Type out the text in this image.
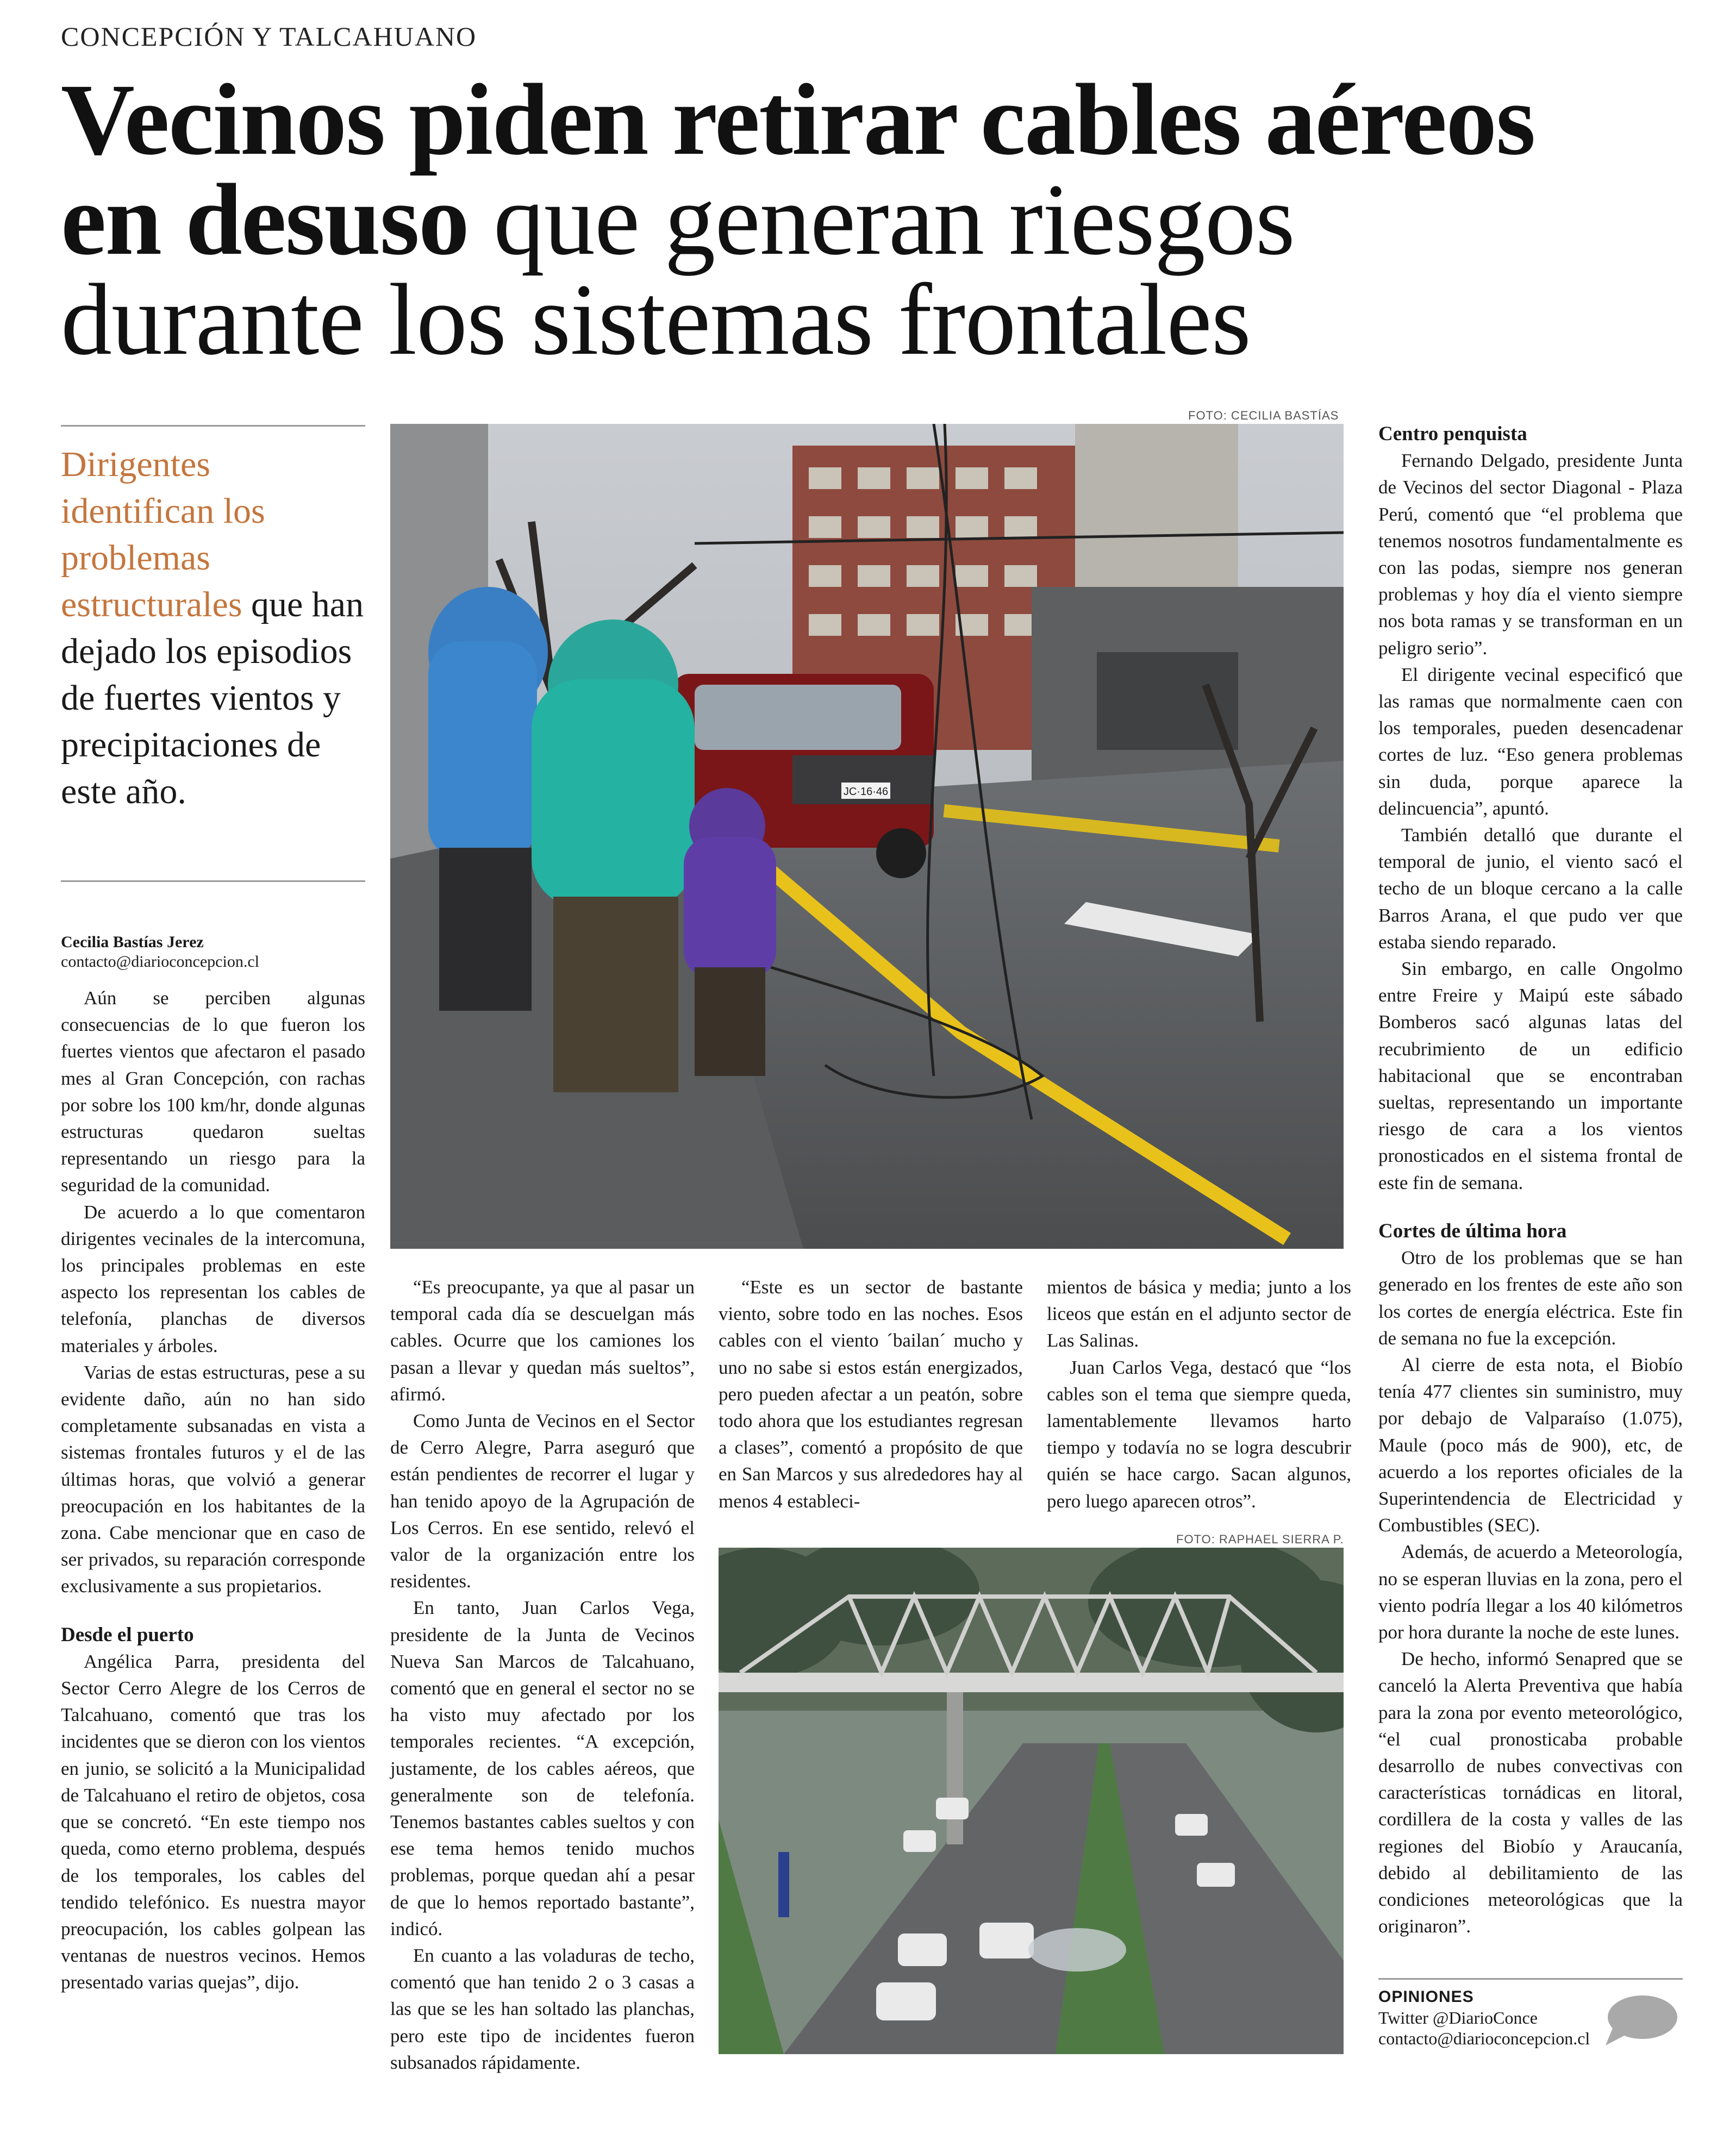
CONCEPCIÓN Y TALCAHUANO
Vecinos piden retirar cables aéreos
en desuso que generan riesgos
durante los sistemas frontales
Dirigentes identifican los problemas estructurales que han dejado los episodios de fuertes vientos y precipitaciones de este año.
Cecilia Bastías Jerez
contacto@diarioconcepcion.cl

Aún se perciben algunas consecuencias de lo que fueron los fuertes vientos que afectaron el pasado mes al Gran Concepción, con rachas por sobre los 100 km/hr, donde algunas estructuras quedaron sueltas representando un riesgo para la seguridad de la comunidad.

De acuerdo a lo que comentaron dirigentes vecinales de la intercomuna, los principales problemas en este aspecto los representan los cables de telefonía, planchas de diversos materiales y árboles.

Varias de estas estructuras, pese a su evidente daño, aún no han sido completamente subsanadas en vista a sistemas frontales futuros y el de las últimas horas, que volvió a generar preocupación en los habitantes de la zona. Cabe mencionar que en caso de ser privados, su reparación corresponde exclusivamente a sus propietarios.

Desde el puerto

Angélica Parra, presidenta del Sector Cerro Alegre de los Cerros de Talcahuano, comentó que tras los incidentes que se dieron con los vientos en junio, se solicitó a la Municipalidad de Talcahuano el retiro de objetos, cosa que se concretó. “En este tiempo nos queda, como eterno problema, después de los temporales, los cables del tendido telefónico. Es nuestra mayor preocupación, los cables golpean las ventanas de nuestros vecinos. Hemos presentado varias quejas”, dijo.

FOTO: CECILIA BASTÍAS
JC·16·46

“Es preocupante, ya que al pasar un temporal cada día se descuelgan más cables. Ocurre que los camiones los pasan a llevar y quedan más sueltos”, afirmó.

Como Junta de Vecinos en el Sector de Cerro Alegre, Parra aseguró que están pendientes de recorrer el lugar y han tenido apoyo de la Agrupación de Los Cerros. En ese sentido, relevó el valor de la organización entre los residentes.

En tanto, Juan Carlos Vega, presidente de la Junta de Vecinos Nueva San Marcos de Talcahuano, comentó que en general el sector no se ha visto muy afectado por los temporales recientes. “A excepción, justamente, de los cables aéreos, que generalmente son de telefonía. Tenemos bastantes cables sueltos y con ese tema hemos tenido muchos problemas, porque quedan ahí a pesar de que lo hemos reportado bastante”, indicó.

En cuanto a las voladuras de techo, comentó que han tenido 2 o 3 casas a las que se les han soltado las planchas, pero este tipo de incidentes fueron subsanados rápidamente.

“Este es un sector de bastante viento, sobre todo en las noches. Esos cables con el viento ´bailan´ mucho y uno no sabe si estos están energizados, pero pueden afectar a un peatón, sobre todo ahora que los estudiantes regresan a clases”, comentó a propósito de que en San Marcos y sus alrededores hay al menos 4 estableci-

mientos de básica y media; junto a los liceos que están en el adjunto sector de Las Salinas.

Juan Carlos Vega, destacó que “los cables son el tema que siempre queda, lamentablemente llevamos harto tiempo y todavía no se logra descubrir quién se hace cargo. Sacan algunos, pero luego aparecen otros”.

FOTO: RAPHAEL SIERRA P.
Centro penquista

Fernando Delgado, presidente Junta de Vecinos del sector Diagonal - Plaza Perú, comentó que “el problema que tenemos nosotros fundamentalmente es con las podas, siempre nos generan problemas y hoy día el viento siempre nos bota ramas y se transforman en un peligro serio”.

El dirigente vecinal especificó que las ramas que normalmente caen con los temporales, pueden desencadenar cortes de luz. “Eso genera problemas sin duda, porque aparece la delincuencia”, apuntó.

También detalló que durante el temporal de junio, el viento sacó el techo de un bloque cercano a la calle Barros Arana, el que pudo ver que estaba siendo reparado.

Sin embargo, en calle Ongolmo entre Freire y Maipú este sábado Bomberos sacó algunas latas del recubrimiento de un edificio habitacional que se encontraban sueltas, representando un importante riesgo de cara a los vientos pronosticados en el sistema frontal de este fin de semana.

Cortes de última hora

Otro de los problemas que se han generado en los frentes de este año son los cortes de energía eléctrica. Este fin de semana no fue la excepción.

Al cierre de esta nota, el Biobío tenía 477 clientes sin suministro, muy por debajo de Valparaíso (1.075), Maule (poco más de 900), etc, de acuerdo a los reportes oficiales de la Superintendencia de Electricidad y Combustibles (SEC).

Además, de acuerdo a Meteorología, no se esperan lluvias en la zona, pero el viento podría llegar a los 40 kilómetros por hora durante la noche de este lunes.

De hecho, informó Senapred que se canceló la Alerta Preventiva que había para la zona por evento meteorológico, “el cual pronosticaba probable desarrollo de nubes convectivas con características tornádicas en litoral, cordillera de la costa y valles de las regiones del Biobío y Araucanía, debido al debilitamiento de las condiciones meteorológicas que la originaron”.

OPINIONES
Twitter @DiarioConce
contacto@diarioconcepcion.cl
